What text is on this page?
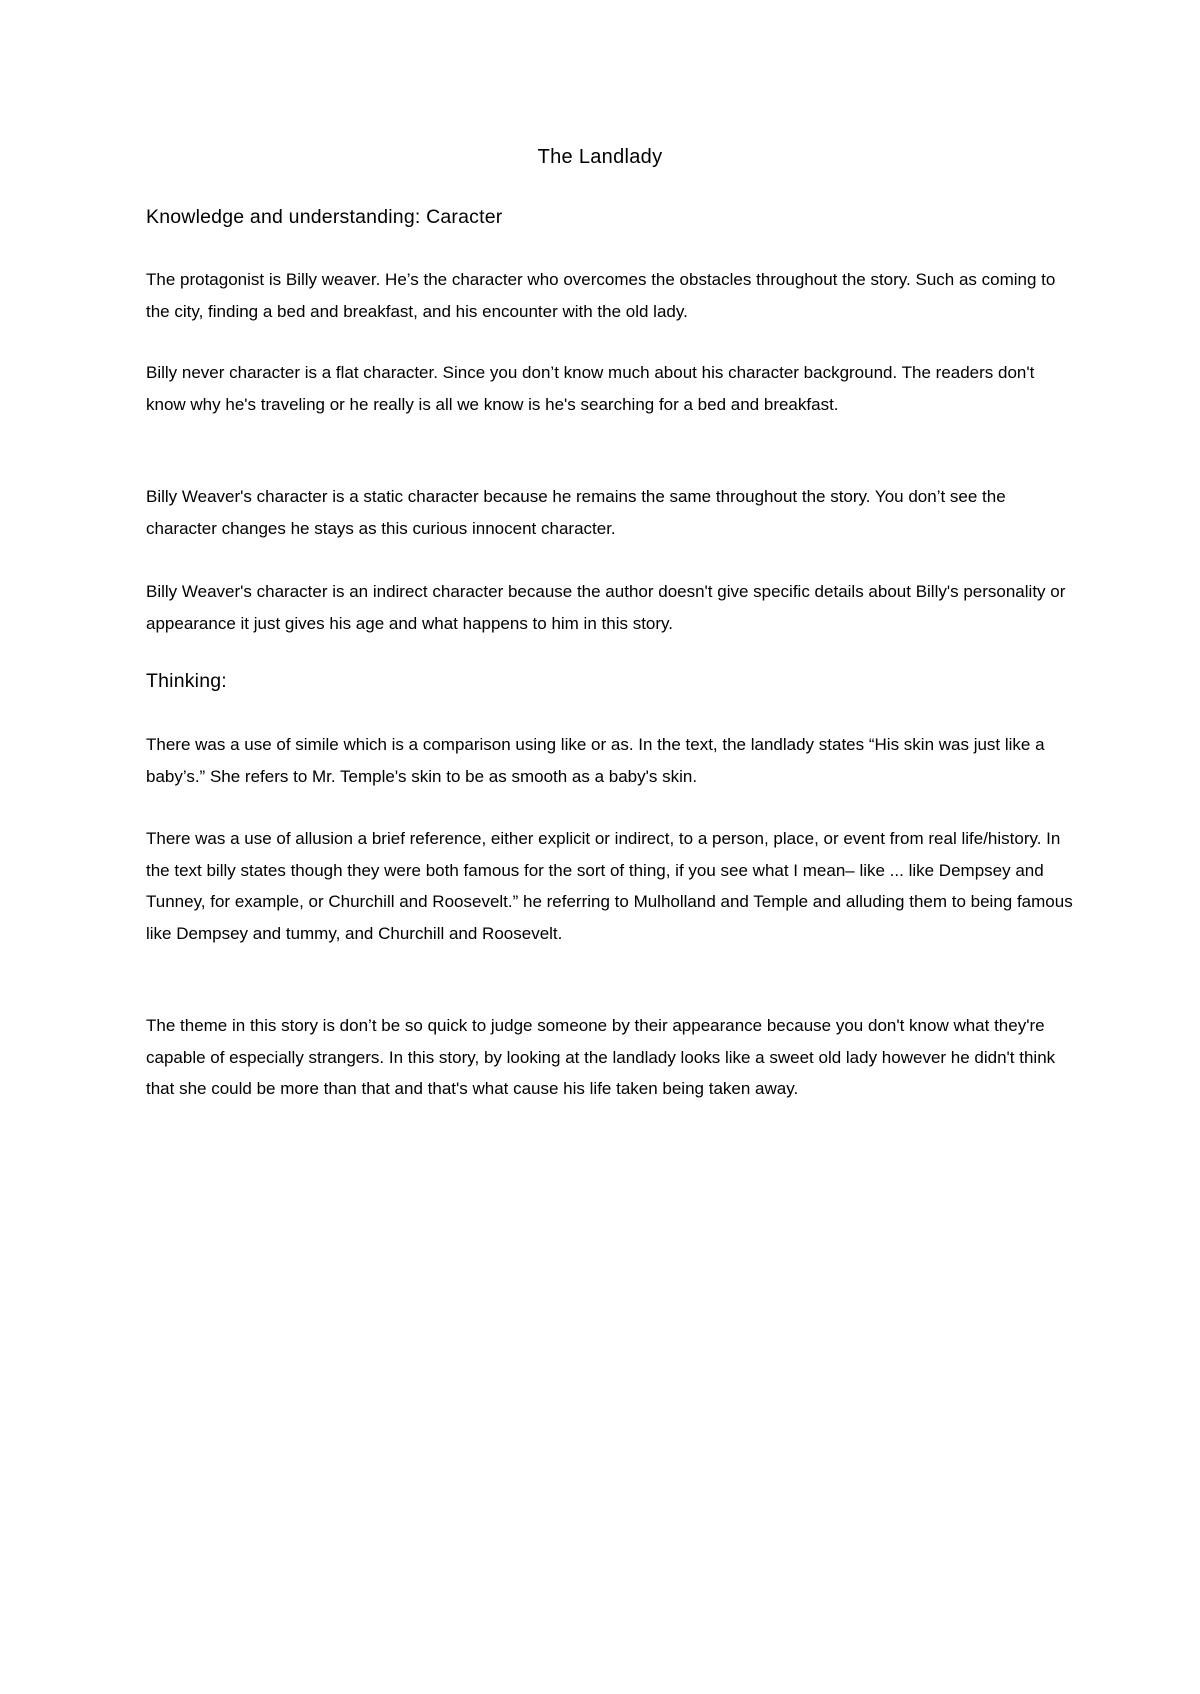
The Landlady
Knowledge and understanding: Caracter

The protagonist is Billy weaver. He’s the character who overcomes the obstacles throughout the story. Such as coming to the city, finding a bed and breakfast, and his encounter with the old lady.

Billy never character is a flat character. Since you don’t know much about his character background. The readers don't know why he's traveling or he really is all we know is he's searching for a bed and breakfast.

Billy Weaver's character is a static character because he remains the same throughout the story. You don’t see the character changes he stays as this curious innocent character.

Billy Weaver's character is an indirect character because the author doesn't give specific details about Billy's personality or appearance it just gives his age and what happens to him in this story.

Thinking:

There was a use of simile which is a comparison using like or as. In the text, the landlady states “His skin was just like a baby’s.” She refers to Mr. Temple's skin to be as smooth as a baby's skin.

There was a use of allusion a brief reference, either explicit or indirect, to a person, place, or event from real life/history. In the text billy states though they were both famous for the sort of thing, if you see what I mean– like ... like Dempsey and Tunney, for example, or Churchill and Roosevelt.” he referring to Mulholland and Temple and alluding them to being famous like Dempsey and tummy, and Churchill and Roosevelt.

The theme in this story is don’t be so quick to judge someone by their appearance because you don't know what they're capable of especially strangers. In this story, by looking at the landlady looks like a sweet old lady however he didn't think that she could be more than that and that's what cause his life taken being taken away.
